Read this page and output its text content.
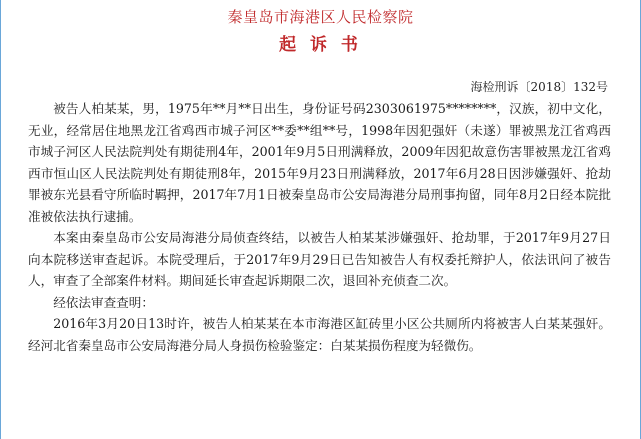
秦皇岛市海港区人民检察院
起 诉 书
海检刑诉〔2018〕132号

被告人柏某某，男，1975年**月**日出生，身份证号码2303061975********，汉族，初中文化，无业，经常居住地黑龙江省鸡西市城子河区**委**组**号，1998年因犯强奸（未遂）罪被黑龙江省鸡西市城子河区人民法院判处有期徒刑4年，2001年9月5日刑满释放，2009年因犯故意伤害罪被黑龙江省鸡西市恒山区人民法院判处有期徒刑8年，2015年9月23日刑满释放，2017年6月28日因涉嫌强奸、抢劫罪被东光县看守所临时羁押，2017年7月1日被秦皇岛市公安局海港分局刑事拘留，同年8月2日经本院批准被依法执行逮捕。

本案由秦皇岛市公安局海港分局侦查终结，以被告人柏某某涉嫌强奸、抢劫罪，于2017年9月27日向本院移送审查起诉。本院受理后，于2017年9月29日已告知被告人有权委托辩护人，依法讯问了被告人，审查了全部案件材料。期间延长审查起诉期限二次，退回补充侦查二次。

经依法审查查明：

2016年3月20日13时许，被告人柏某某在本市海港区缸砖里小区公共厕所内将被害人白某某强奸。经河北省秦皇岛市公安局海港分局人身损伤检验鉴定：白某某损伤程度为轻微伤。
